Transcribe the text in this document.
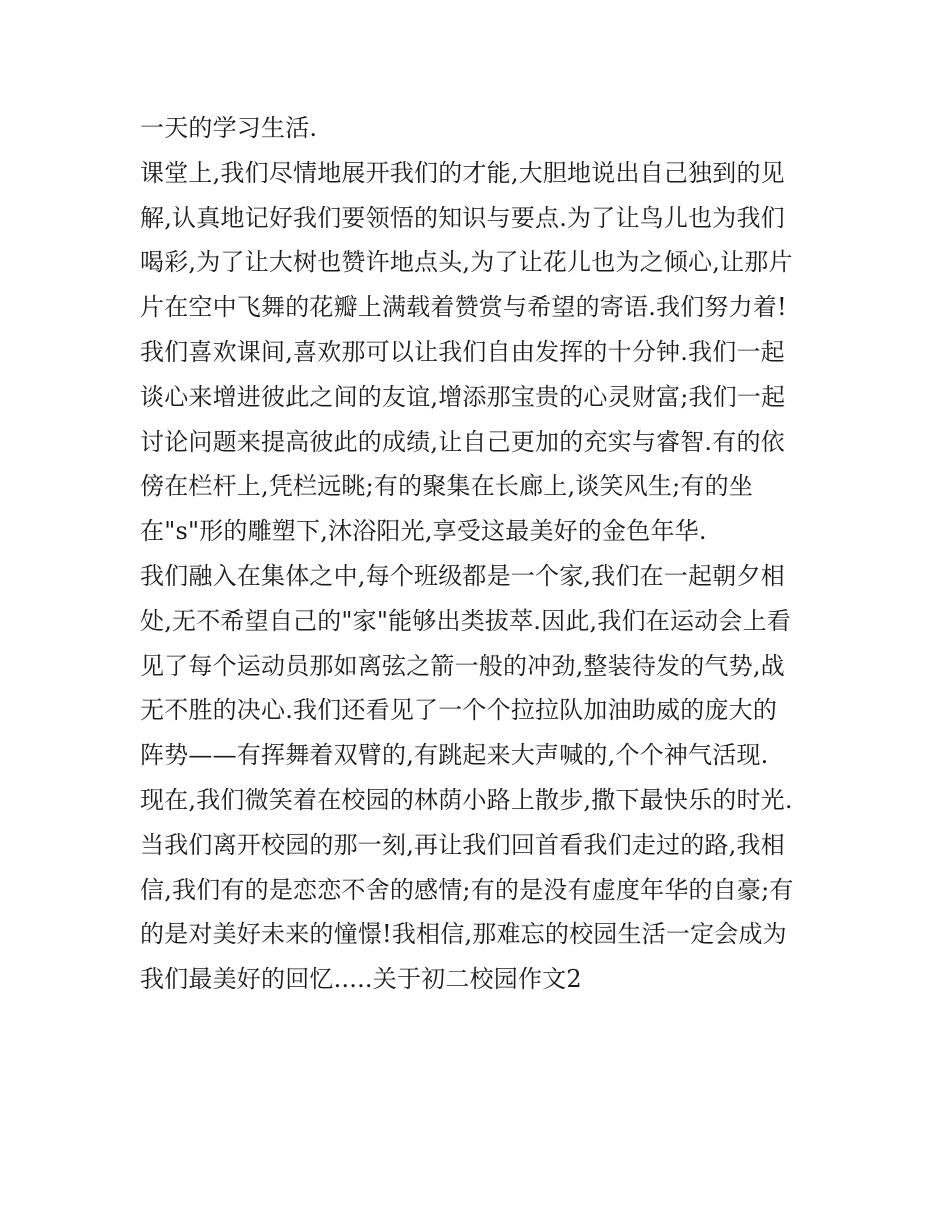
一天的学习生活.
课堂上,我们尽情地展开我们的才能,大胆地说出自己独到的见
解,认真地记好我们要领悟的知识与要点.为了让鸟儿也为我们
喝彩,为了让大树也赞许地点头,为了让花儿也为之倾心,让那片
片在空中飞舞的花瓣上满载着赞赏与希望的寄语.我们努力着!
我们喜欢课间,喜欢那可以让我们自由发挥的十分钟.我们一起
谈心来增进彼此之间的友谊,增添那宝贵的心灵财富;我们一起
讨论问题来提高彼此的成绩,让自己更加的充实与睿智.有的依
傍在栏杆上,凭栏远眺;有的聚集在长廊上,谈笑风生;有的坐
在"s"形的雕塑下,沐浴阳光,享受这最美好的金色年华.
我们融入在集体之中,每个班级都是一个家,我们在一起朝夕相
处,无不希望自己的"家"能够出类拔萃.因此,我们在运动会上看
见了每个运动员那如离弦之箭一般的冲劲,整装待发的气势,战
无不胜的决心.我们还看见了一个个拉拉队加油助威的庞大的
阵势——有挥舞着双臂的,有跳起来大声喊的,个个神气活现.
现在,我们微笑着在校园的林荫小路上散步,撒下最快乐的时光.
当我们离开校园的那一刻,再让我们回首看我们走过的路,我相
信,我们有的是恋恋不舍的感情;有的是没有虚度年华的自豪;有
的是对美好未来的憧憬!我相信,那难忘的校园生活一定会成为
我们最美好的回忆.....关于初二校园作文2
